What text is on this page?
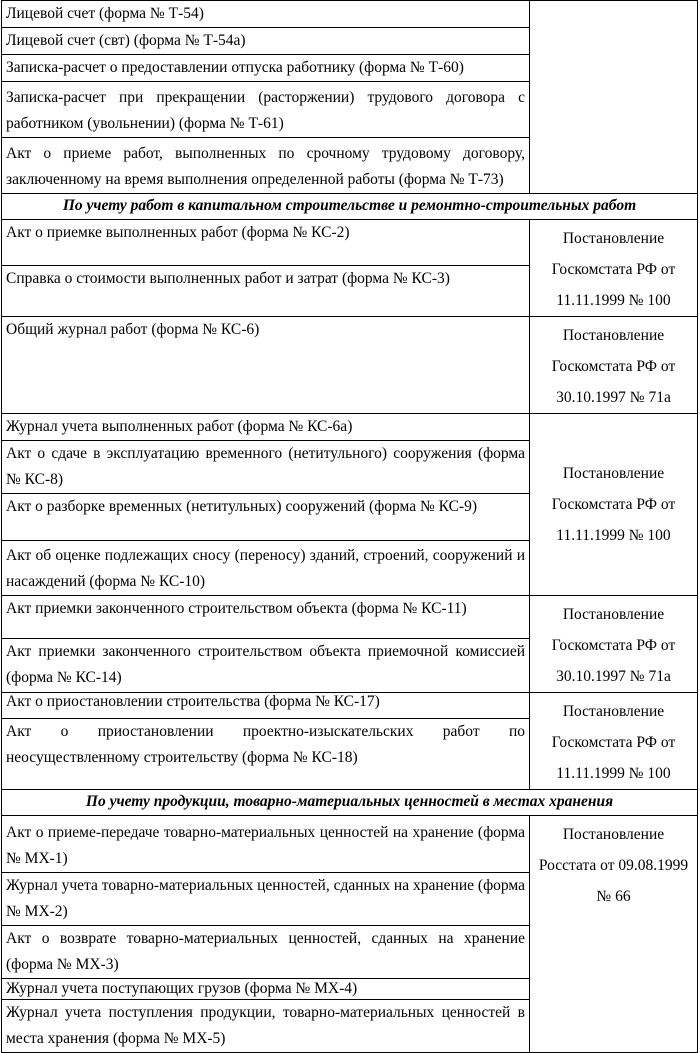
Лицевой счет (форма № Т-54)	
Лицевой счет (свт) (форма № Т-54а)	
Записка-расчет о предоставлении отпуска работнику (форма № Т-60)	
Записка-расчет при прекращении (расторжении) трудового договора с работником (увольнении) (форма № Т-61)	
Акт о приеме работ, выполненных по срочному трудовому договору, заключенному на время выполнения определенной работы (форма № Т-73)	
По учету работ в капитальном строительстве и ремонтно-строительных работ	
Акт о приемке выполненных работ (форма № КС-2)	Постановление Госкомстата РФ от 11.11.1999 № 100
Справка о стоимости выполненных работ и затрат (форма № КС-3)	
Общий журнал работ (форма № КС-6)	Постановление Госкомстата РФ от 30.10.1997 № 71а
Журнал учета выполненных работ (форма № КС-6а)	Постановление Госкомстата РФ от 11.11.1999 № 100
Акт о сдаче в эксплуатацию временного (нетитульного) сооружения (форма № КС-8)	
Акт о разборке временных (нетитульных) сооружений (форма № КС-9)	
Акт об оценке подлежащих сносу (переносу) зданий, строений, сооружений и насаждений (форма № КС-10)	
Акт приемки законченного строительством объекта (форма № КС-11)	Постановление Госкомстата РФ от 30.10.1997 № 71а
Акт приемки законченного строительством объекта приемочной комиссией (форма № КС-14)	
Акт о приостановлении строительства (форма № КС-17)	Постановление Госкомстата РФ от 11.11.1999 № 100
Акт о приостановлении проектно-изыскательских работ по неосуществленному строительству (форма № КС-18)	
По учету продукции, товарно-материальных ценностей в местах хранения	
Акт о приеме-передаче товарно-материальных ценностей на хранение (форма № МХ-1)	Постановление Росстата от 09.08.1999 № 66
Журнал учета товарно-материальных ценностей, сданных на хранение (форма № МХ-2)	
Акт о возврате товарно-материальных ценностей, сданных на хранение (форма № МХ-3)	
Журнал учета поступающих грузов (форма № МХ-4)	
Журнал учета поступления продукции, товарно-материальных ценностей в места хранения (форма № МХ-5)	
